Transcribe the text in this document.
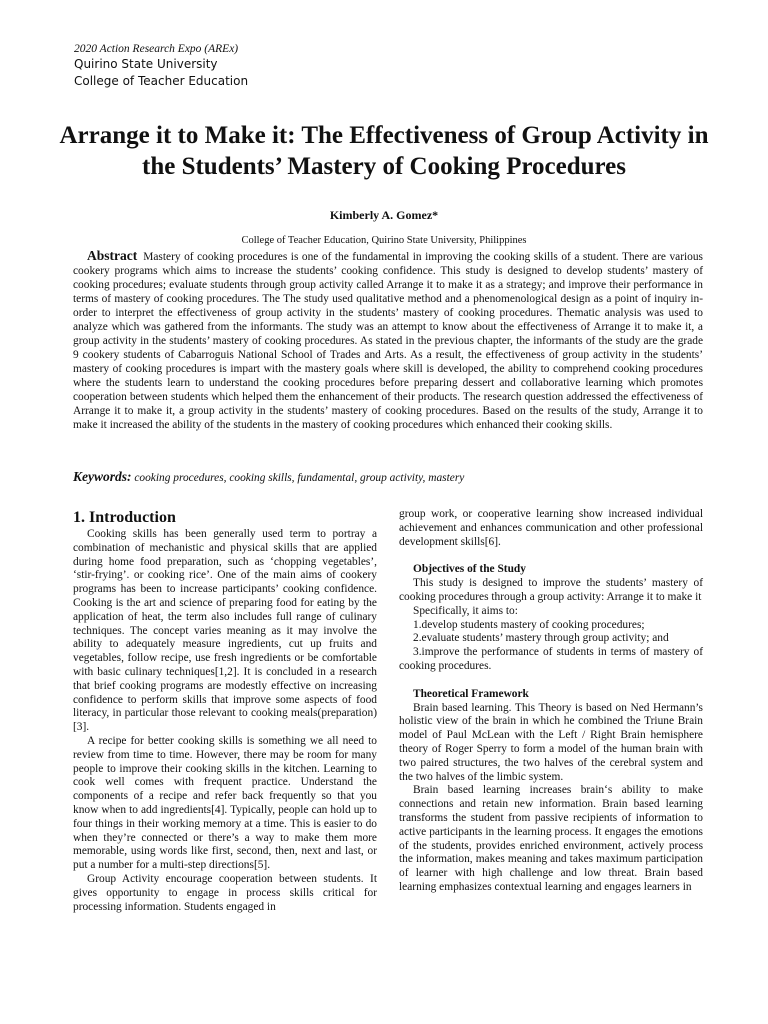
2020 Action Research Expo (AREx)
Quirino State University
College of Teacher Education
Arrange it to Make it: The Effectiveness of Group Activity in the Students’ Mastery of Cooking Procedures
Kimberly A. Gomez*
College of Teacher Education, Quirino State University, Philippines

Abstract Mastery of cooking procedures is one of the fundamental in improving the cooking skills of a student. There are various cookery programs which aims to increase the students’ cooking confidence. This study is designed to develop students’ mastery of cooking procedures; evaluate students through group activity called Arrange it to make it as a strategy; and improve their performance in terms of mastery of cooking procedures. The The study used qualitative method and a phenomenological design as a point of inquiry in-order to interpret the effectiveness of group activity in the students’ mastery of cooking procedures. Thematic analysis was used to analyze which was gathered from the informants. The study was an attempt to know about the effectiveness of Arrange it to make it, a group activity in the students’ mastery of cooking procedures. As stated in the previous chapter, the informants of the study are the grade 9 cookery students of Cabarroguis National School of Trades and Arts. As a result, the effectiveness of group activity in the students’ mastery of cooking procedures is impart with the mastery goals where skill is developed, the ability to comprehend cooking procedures where the students learn to understand the cooking procedures before preparing dessert and collaborative learning which promotes cooperation between students which helped them the enhancement of their products. The research question addressed the effectiveness of Arrange it to make it, a group activity in the students’ mastery of cooking procedures. Based on the results of the study, Arrange it to make it increased the ability of the students in the mastery of cooking procedures which enhanced their cooking skills.

Keywords: cooking procedures, cooking skills, fundamental, group activity, mastery

1. Introduction

Cooking skills has been generally used term to portray a combination of mechanistic and physical skills that are applied during home food preparation, such as ‘chopping vegetables’, ‘stir-frying’. or cooking rice’. One of the main aims of cookery programs has been to increase participants’ cooking confidence. Cooking is the art and science of preparing food for eating by the application of heat, the term also includes full range of culinary techniques. The concept varies meaning as it may involve the ability to adequately measure ingredients, cut up fruits and vegetables, follow recipe, use fresh ingredients or be comfortable with basic culinary techniques[1,2]. It is concluded in a research that brief cooking programs are modestly effective on increasing confidence to perform skills that improve some aspects of food literacy, in particular those relevant to cooking meals(preparation)[3].

A recipe for better cooking skills is something we all need to review from time to time. However, there may be room for many people to improve their cooking skills in the kitchen. Learning to cook well comes with frequent practice. Understand the components of a recipe and refer back frequently so that you know when to add ingredients[4]. Typically, people can hold up to four things in their working memory at a time. This is easier to do when they’re connected or there’s a way to make them more memorable, using words like first, second, then, next and last, or put a number for a multi-step directions[5].

Group Activity encourage cooperation between students. It gives opportunity to engage in process skills critical for processing information. Students engaged in

group work, or cooperative learning show increased individual achievement and enhances communication and other professional development skills[6].

Objectives of the Study

This study is designed to improve the students’ mastery of cooking procedures through a group activity: Arrange it to make it

Specifically, it aims to:

1.develop students mastery of cooking procedures;

2.evaluate students’ mastery through group activity; and

3.improve the performance of students in terms of mastery of cooking procedures.

Theoretical Framework

Brain based learning. This Theory is based on Ned Hermann’s holistic view of the brain in which he combined the Triune Brain model of Paul McLean with the Left / Right Brain hemisphere theory of Roger Sperry to form a model of the human brain with two paired structures, the two halves of the cerebral system and the two halves of the limbic system.

Brain based learning increases brain‘s ability to make connections and retain new information. Brain based learning transforms the student from passive recipients of information to active participants in the learning process. It engages the emotions of the students, provides enriched environment, actively process the information, makes meaning and takes maximum participation of learner with high challenge and low threat. Brain based learning emphasizes contextual learning and engages learners in
